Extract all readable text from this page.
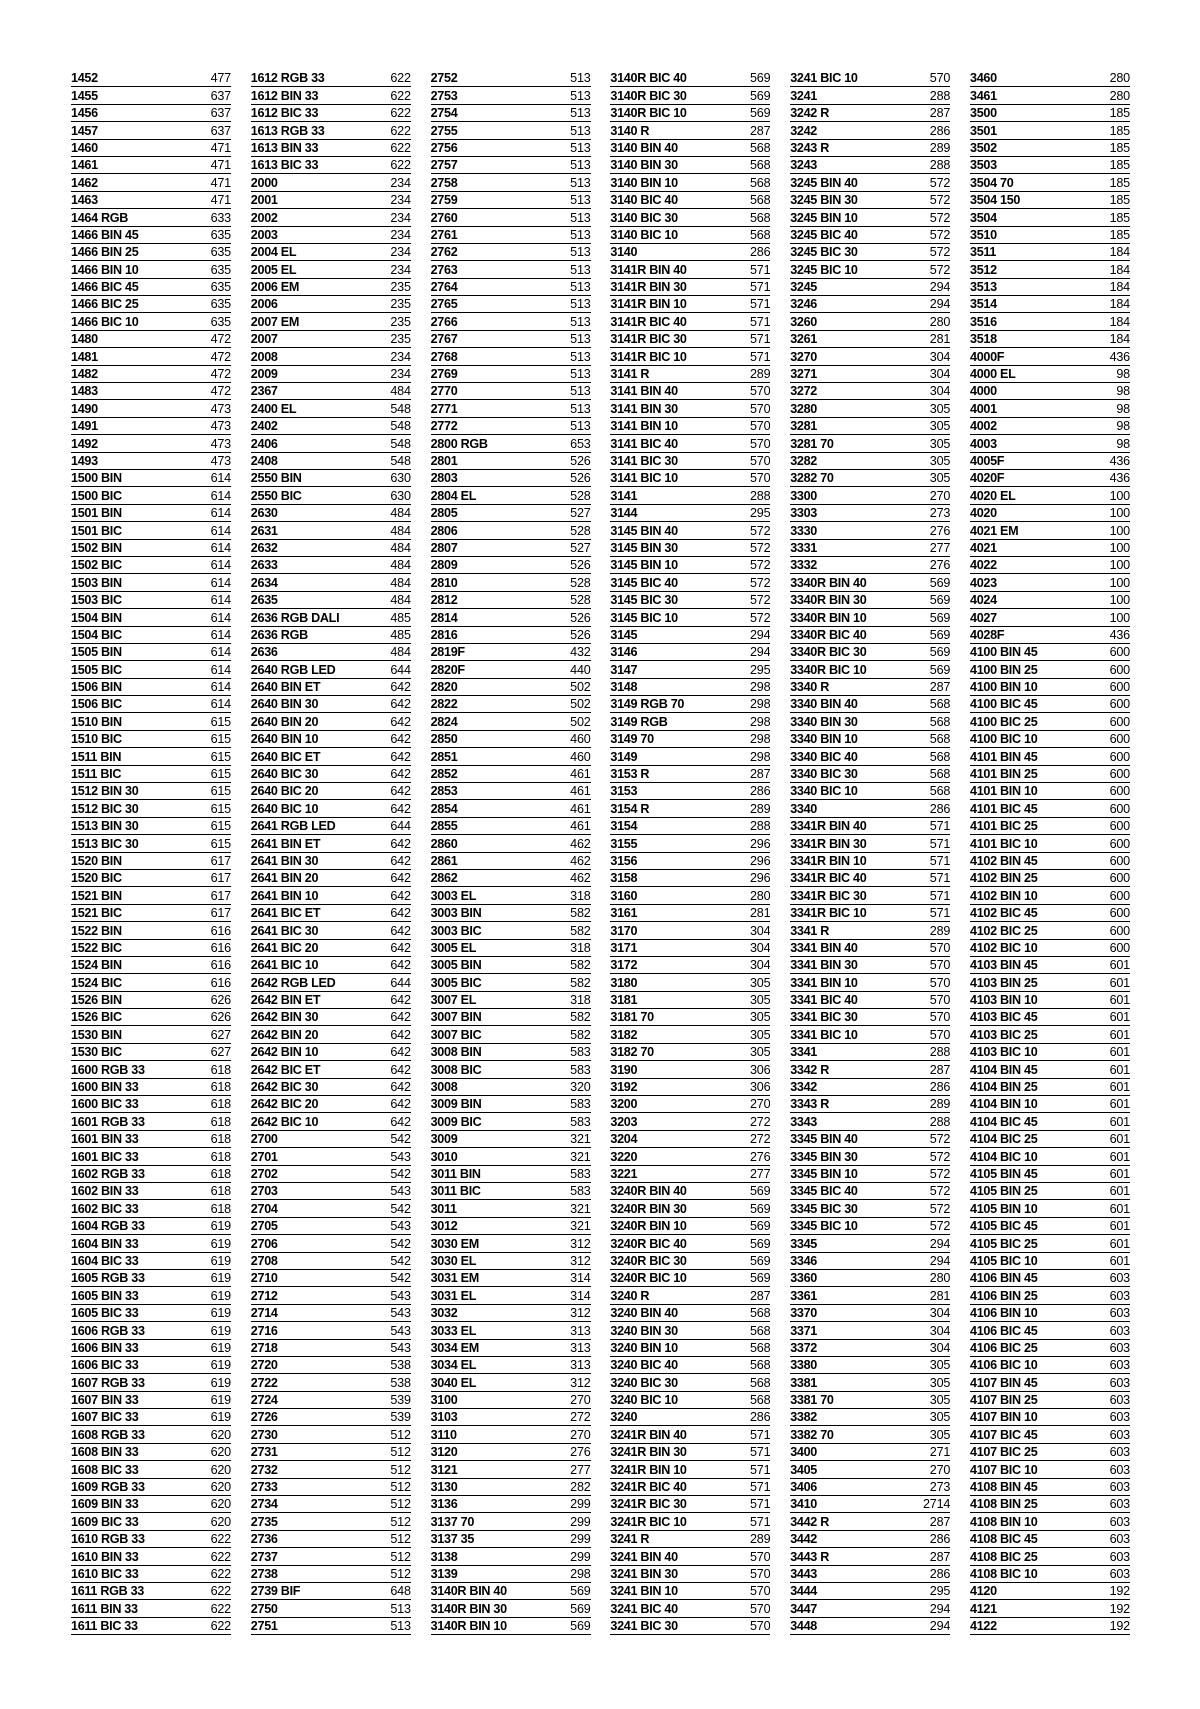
1452	477
1455	637
1456	637
1457	637
1460	471
1461	471
1462	471
1463	471
1464 RGB	633
1466 BIN 45	635
1466 BIN 25	635
1466 BIN 10	635
1466 BIC 45	635
1466 BIC 25	635
1466 BIC 10	635
1480	472
1481	472
1482	472
1483	472
1490	473
1491	473
1492	473
1493	473
1500 BIN	614
1500 BIC	614
1501 BIN	614
1501 BIC	614
1502 BIN	614
1502 BIC	614
1503 BIN	614
1503 BIC	614
1504 BIN	614
1504 BIC	614
1505 BIN	614
1505 BIC	614
1506 BIN	614
1506 BIC	614
1510 BIN	615
1510 BIC	615
1511 BIN	615
1511 BIC	615
1512 BIN 30	615
1512 BIC 30	615
1513 BIN 30	615
1513 BIC 30	615
1520 BIN	617
1520 BIC	617
1521 BIN	617
1521 BIC	617
1522 BIN	616
1522 BIC	616
1524 BIN	616
1524 BIC	616
1526 BIN	626
1526 BIC	626
1530 BIN	627
1530 BIC	627
1600 RGB 33	618
1600 BIN 33	618
1600 BIC 33	618
1601 RGB 33	618
1601 BIN 33	618
1601 BIC 33	618
1602 RGB 33	618
1602 BIN 33	618
1602 BIC 33	618
1604 RGB 33	619
1604 BIN 33	619
1604 BIC 33	619
1605 RGB 33	619
1605 BIN 33	619
1605 BIC 33	619
1606 RGB 33	619
1606 BIN 33	619
1606 BIC 33	619
1607 RGB 33	619
1607 BIN 33	619
1607 BIC 33	619
1608 RGB 33	620
1608 BIN 33	620
1608 BIC 33	620
1609 RGB 33	620
1609 BIN 33	620
1609 BIC 33	620
1610 RGB 33	622
1610 BIN 33	622
1610 BIC 33	622
1611 RGB 33	622
1611 BIN 33	622
1611 BIC 33	622
1612 RGB 33	622
1612 BIN 33	622
1612 BIC 33	622
1613 RGB 33	622
1613 BIN 33	622
1613 BIC 33	622
2000	234
2001	234
2002	234
2003	234
2004 EL	234
2005 EL	234
2006 EM	235
2006	235
2007 EM	235
2007	235
2008	234
2009	234
2367	484
2400 EL	548
2402	548
2406	548
2408	548
2550 BIN	630
2550 BIC	630
2630	484
2631	484
2632	484
2633	484
2634	484
2635	484
2636 RGB DALI	485
2636 RGB	485
2636	484
2640 RGB LED	644
2640 BIN ET	642
2640 BIN 30	642
2640 BIN 20	642
2640 BIN 10	642
2640 BIC ET	642
2640 BIC 30	642
2640 BIC 20	642
2640 BIC 10	642
2641 RGB LED	644
2641 BIN ET	642
2641 BIN 30	642
2641 BIN 20	642
2641 BIN 10	642
2641 BIC ET	642
2641 BIC 30	642
2641 BIC 20	642
2641 BIC 10	642
2642 RGB LED	644
2642 BIN ET	642
2642 BIN 30	642
2642 BIN 20	642
2642 BIN 10	642
2642 BIC ET	642
2642 BIC 30	642
2642 BIC 20	642
2642 BIC 10	642
2700	542
2701	543
2702	542
2703	543
2704	542
2705	543
2706	542
2708	542
2710	542
2712	543
2714	543
2716	543
2718	543
2720	538
2722	538
2724	539
2726	539
2730	512
2731	512
2732	512
2733	512
2734	512
2735	512
2736	512
2737	512
2738	512
2739 BIF	648
2750	513
2751	513
2752	513
2753	513
2754	513
2755	513
2756	513
2757	513
2758	513
2759	513
2760	513
2761	513
2762	513
2763	513
2764	513
2765	513
2766	513
2767	513
2768	513
2769	513
2770	513
2771	513
2772	513
2800 RGB	653
2801	526
2803	526
2804 EL	528
2805	527
2806	528
2807	527
2809	526
2810	528
2812	528
2814	526
2816	526
2819F	432
2820F	440
2820	502
2822	502
2824	502
2850	460
2851	460
2852	461
2853	461
2854	461
2855	461
2860	462
2861	462
2862	462
3003 EL	318
3003 BIN	582
3003 BIC	582
3005 EL	318
3005 BIN	582
3005 BIC	582
3007 EL	318
3007 BIN	582
3007 BIC	582
3008 BIN	583
3008 BIC	583
3008	320
3009 BIN	583
3009 BIC	583
3009	321
3010	321
3011 BIN	583
3011 BIC	583
3011	321
3012	321
3030 EM	312
3030 EL	312
3031 EM	314
3031 EL	314
3032	312
3033 EL	313
3034 EM	313
3034 EL	313
3040 EL	312
3100	270
3103	272
3110	270
3120	276
3121	277
3130	282
3136	299
3137 70	299
3137 35	299
3138	299
3139	298
3140R BIN 40	569
3140R BIN 30	569
3140R BIN 10	569
3140R BIC 40	569
3140R BIC 30	569
3140R BIC 10	569
3140 R	287
3140 BIN 40	568
3140 BIN 30	568
3140 BIN 10	568
3140 BIC 40	568
3140 BIC 30	568
3140 BIC 10	568
3140	286
3141R BIN 40	571
3141R BIN 30	571
3141R BIN 10	571
3141R BIC 40	571
3141R BIC 30	571
3141R BIC 10	571
3141 R	289
3141 BIN 40	570
3141 BIN 30	570
3141 BIN 10	570
3141 BIC 40	570
3141 BIC 30	570
3141 BIC 10	570
3141	288
3144	295
3145 BIN 40	572
3145 BIN 30	572
3145 BIN 10	572
3145 BIC 40	572
3145 BIC 30	572
3145 BIC 10	572
3145	294
3146	294
3147	295
3148	298
3149 RGB 70	298
3149 RGB	298
3149 70	298
3149	298
3153 R	287
3153	286
3154 R	289
3154	288
3155	296
3156	296
3158	296
3160	280
3161	281
3170	304
3171	304
3172	304
3180	305
3181	305
3181 70	305
3182	305
3182 70	305
3190	306
3192	306
3200	270
3203	272
3204	272
3220	276
3221	277
3240R BIN 40	569
3240R BIN 30	569
3240R BIN 10	569
3240R BIC 40	569
3240R BIC 30	569
3240R BIC 10	569
3240 R	287
3240 BIN 40	568
3240 BIN 30	568
3240 BIN 10	568
3240 BIC 40	568
3240 BIC 30	568
3240 BIC 10	568
3240	286
3241R BIN 40	571
3241R BIN 30	571
3241R BIN 10	571
3241R BIC 40	571
3241R BIC 30	571
3241R BIC 10	571
3241 R	289
3241 BIN 40	570
3241 BIN 30	570
3241 BIN 10	570
3241 BIC 40	570
3241 BIC 30	570
3241 BIC 10	570
3241	288
3242 R	287
3242	286
3243 R	289
3243	288
3245 BIN 40	572
3245 BIN 30	572
3245 BIN 10	572
3245 BIC 40	572
3245 BIC 30	572
3245 BIC 10	572
3245	294
3246	294
3260	280
3261	281
3270	304
3271	304
3272	304
3280	305
3281	305
3281 70	305
3282	305
3282 70	305
3300	270
3303	273
3330	276
3331	277
3332	276
3340R BIN 40	569
3340R BIN 30	569
3340R BIN 10	569
3340R BIC 40	569
3340R BIC 30	569
3340R BIC 10	569
3340 R	287
3340 BIN 40	568
3340 BIN 30	568
3340 BIN 10	568
3340 BIC 40	568
3340 BIC 30	568
3340 BIC 10	568
3340	286
3341R BIN 40	571
3341R BIN 30	571
3341R BIN 10	571
3341R BIC 40	571
3341R BIC 30	571
3341R BIC 10	571
3341 R	289
3341 BIN 40	570
3341 BIN 30	570
3341 BIN 10	570
3341 BIC 40	570
3341 BIC 30	570
3341 BIC 10	570
3341	288
3342 R	287
3342	286
3343 R	289
3343	288
3345 BIN 40	572
3345 BIN 30	572
3345 BIN 10	572
3345 BIC 40	572
3345 BIC 30	572
3345 BIC 10	572
3345	294
3346	294
3360	280
3361	281
3370	304
3371	304
3372	304
3380	305
3381	305
3381 70	305
3382	305
3382 70	305
3400	271
3405	270
3406	273
3410	2714
3442 R	287
3442	286
3443 R	287
3443	286
3444	295
3447	294
3448	294
3460	280
3461	280
3500	185
3501	185
3502	185
3503	185
3504 70	185
3504 150	185
3504	185
3510	185
3511	184
3512	184
3513	184
3514	184
3516	184
3518	184
4000F	436
4000 EL	98
4000	98
4001	98
4002	98
4003	98
4005F	436
4020F	436
4020 EL	100
4020	100
4021 EM	100
4021	100
4022	100
4023	100
4024	100
4027	100
4028F	436
4100 BIN 45	600
4100 BIN 25	600
4100 BIN 10	600
4100 BIC 45	600
4100 BIC 25	600
4100 BIC 10	600
4101 BIN 45	600
4101 BIN 25	600
4101 BIN 10	600
4101 BIC 45	600
4101 BIC 25	600
4101 BIC 10	600
4102 BIN 45	600
4102 BIN 25	600
4102 BIN 10	600
4102 BIC 45	600
4102 BIC 25	600
4102 BIC 10	600
4103 BIN 45	601
4103 BIN 25	601
4103 BIN 10	601
4103 BIC 45	601
4103 BIC 25	601
4103 BIC 10	601
4104 BIN 45	601
4104 BIN 25	601
4104 BIN 10	601
4104 BIC 45	601
4104 BIC 25	601
4104 BIC 10	601
4105 BIN 45	601
4105 BIN 25	601
4105 BIN 10	601
4105 BIC 45	601
4105 BIC 25	601
4105 BIC 10	601
4106 BIN 45	603
4106 BIN 25	603
4106 BIN 10	603
4106 BIC 45	603
4106 BIC 25	603
4106 BIC 10	603
4107 BIN 45	603
4107 BIN 25	603
4107 BIN 10	603
4107 BIC 45	603
4107 BIC 25	603
4107 BIC 10	603
4108 BIN 45	603
4108 BIN 25	603
4108 BIN 10	603
4108 BIC 45	603
4108 BIC 25	603
4108 BIC 10	603
4120	192
4121	192
4122	192
